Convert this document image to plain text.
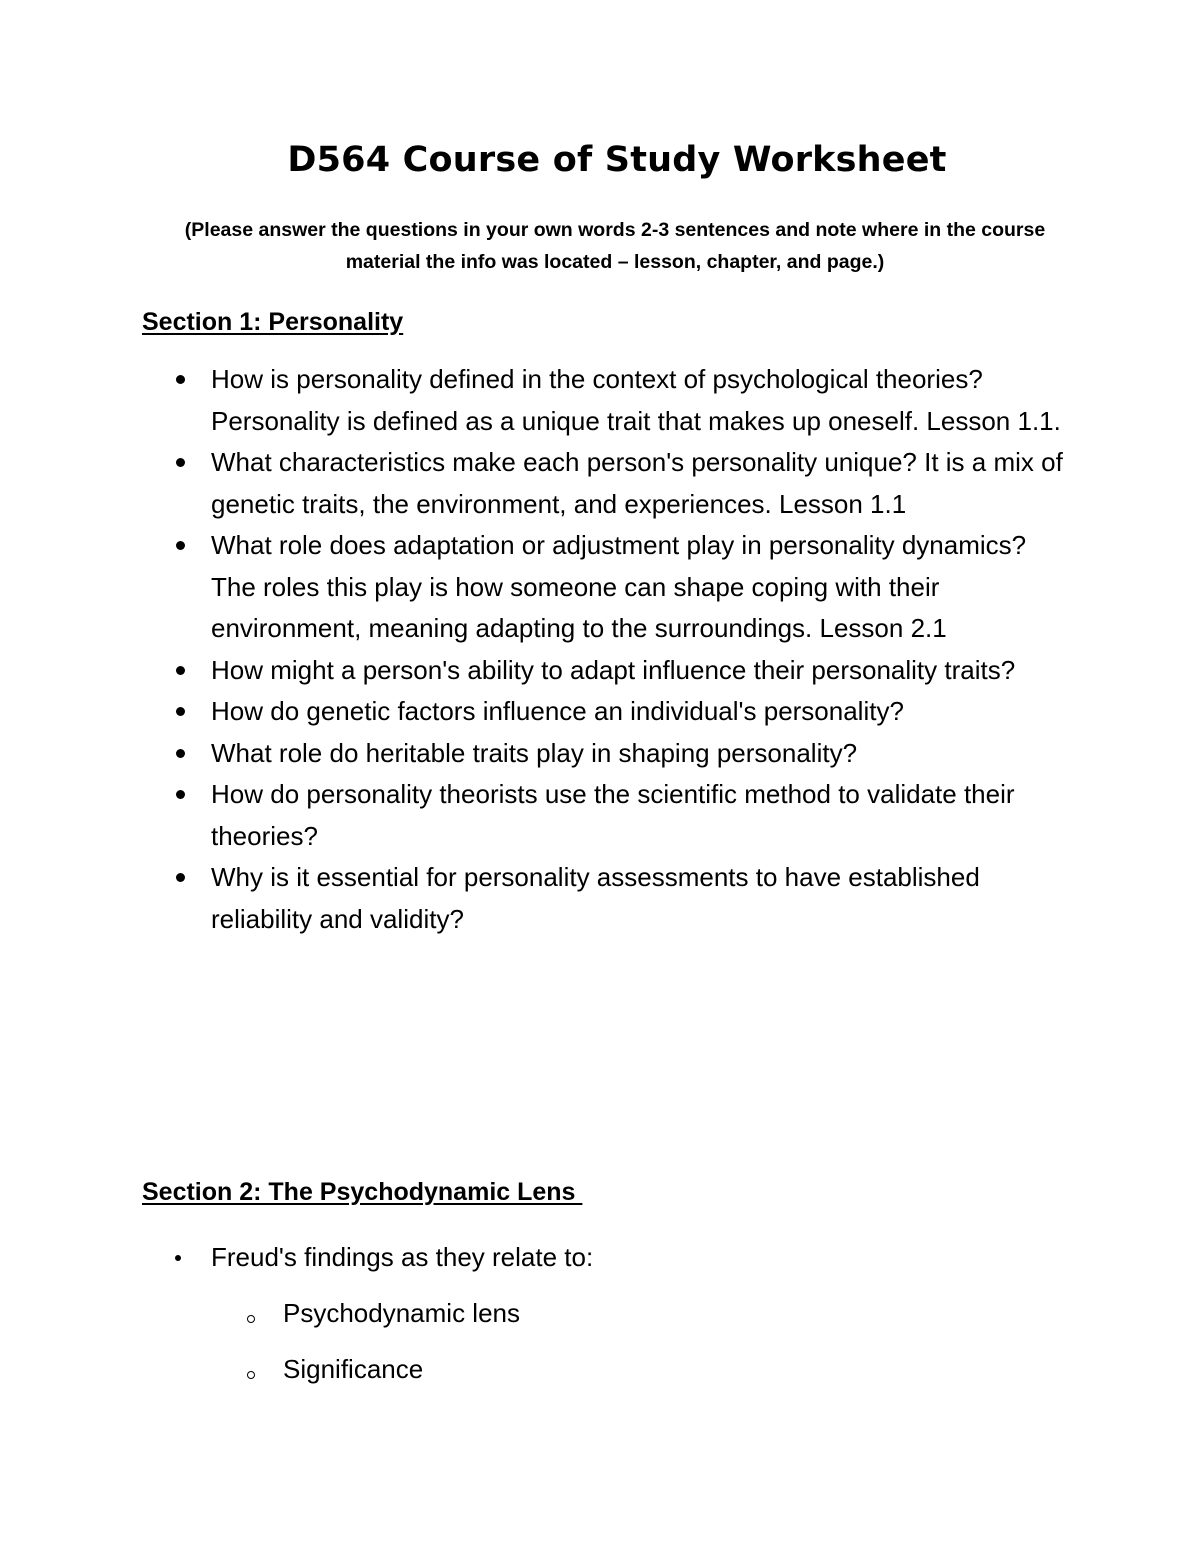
D564 Course of Study Worksheet
(Please answer the questions in your own words 2-3 sentences and note where in the course material the info was located – lesson, chapter, and page.)
Section 1: Personality
How is personality defined in the context of psychological theories? Personality is defined as a unique trait that makes up oneself. Lesson 1.1.
What characteristics make each person's personality unique? It is a mix of genetic traits, the environment, and experiences. Lesson 1.1
What role does adaptation or adjustment play in personality dynamics? The roles this play is how someone can shape coping with their environment, meaning adapting to the surroundings. Lesson 2.1
How might a person's ability to adapt influence their personality traits?
How do genetic factors influence an individual's personality?
What role do heritable traits play in shaping personality?
How do personality theorists use the scientific method to validate their theories?
Why is it essential for personality assessments to have established reliability and validity?
Section 2: The Psychodynamic Lens
Freud's findings as they relate to:
Psychodynamic lens
Significance
